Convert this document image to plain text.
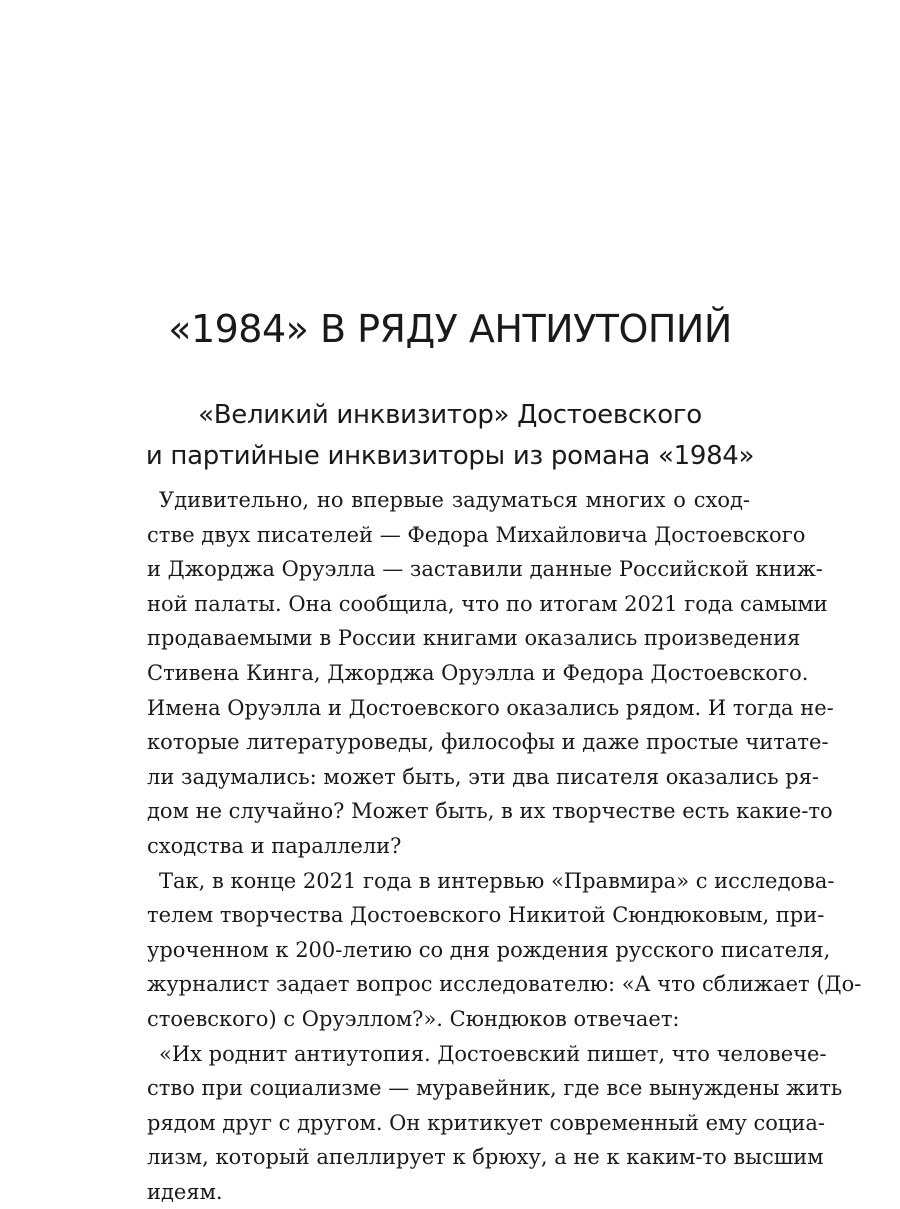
«1984» В РЯДУ АНТИУТОПИЙ
«Великий инквизитор» Достоевского
и партийные инквизиторы из романа «1984»

Удивительно, но впервые задуматься многих о сход-
стве двух писателей — Федора Михайловича Достоевского
и Джорджа Оруэлла — заставили данные Российской книж-
ной палаты. Она сообщила, что по итогам 2021 года самыми
продаваемыми в России книгами оказались произведения
Стивена Кинга, Джорджа Оруэлла и Федора Достоевского.
Имена Оруэлла и Достоевского оказались рядом. И тогда не-
которые литературоведы, философы и даже простые читате-
ли задумались: может быть, эти два писателя оказались ря-
дом не случайно? Может быть, в их творчестве есть какие-то
сходства и параллели?

Так, в конце 2021 года в интервью «Правмира» с исследова-
телем творчества Достоевского Никитой Сюндюковым, при-
уроченном к 200-летию со дня рождения русского писателя,
журналист задает вопрос исследователю: «А что сближает (До-
стоевского) с Оруэллом?». Сюндюков отвечает:

«Их роднит антиутопия. Достоевский пишет, что человече-
ство при социализме — муравейник, где все вынуждены жить
рядом друг с другом. Он критикует современный ему социа-
лизм, который апеллирует к брюху, а не к каким-то высшим
идеям.
